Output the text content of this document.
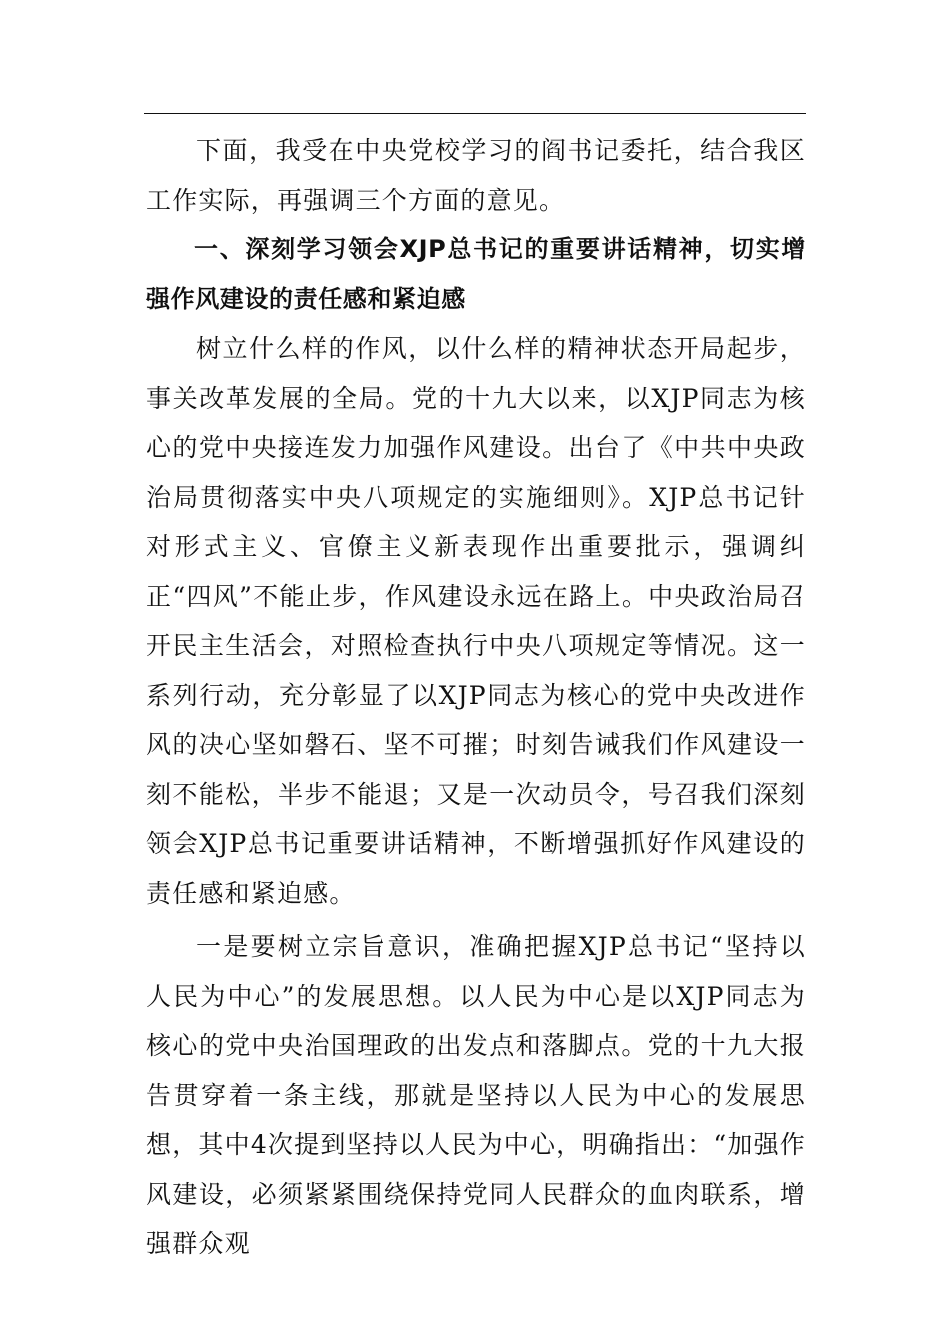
下面，我受在中央党校学习的阎书记委托，结合我区工作实际，再强调三个方面的意见。

一、深刻学习领会XJP总书记的重要讲话精神，切实增强作风建设的责任感和紧迫感

树立什么样的作风，以什么样的精神状态开局起步，事关改革发展的全局。党的十九大以来，以XJP同志为核心的党中央接连发力加强作风建设。出台了《中共中央政治局贯彻落实中央八项规定的实施细则》。XJP总书记针对形式主义、官僚主义新表现作出重要批示，强调纠正“四风”不能止步，作风建设永远在路上。中央政治局召开民主生活会，对照检查执行中央八项规定等情况。这一系列行动，充分彰显了以XJP同志为核心的党中央改进作风的决心坚如磐石、坚不可摧；时刻告诫我们作风建设一刻不能松，半步不能退；又是一次动员令，号召我们深刻领会XJP总书记重要讲话精神，不断增强抓好作风建设的责任感和紧迫感。

一是要树立宗旨意识，准确把握XJP总书记“坚持以人民为中心”的发展思想。以人民为中心是以XJP同志为核心的党中央治国理政的出发点和落脚点。党的十九大报告贯穿着一条主线，那就是坚持以人民为中心的发展思想，其中4次提到坚持以人民为中心，明确指出：“加强作风建设，必须紧紧围绕保持党同人民群众的血肉联系，增强群众观
